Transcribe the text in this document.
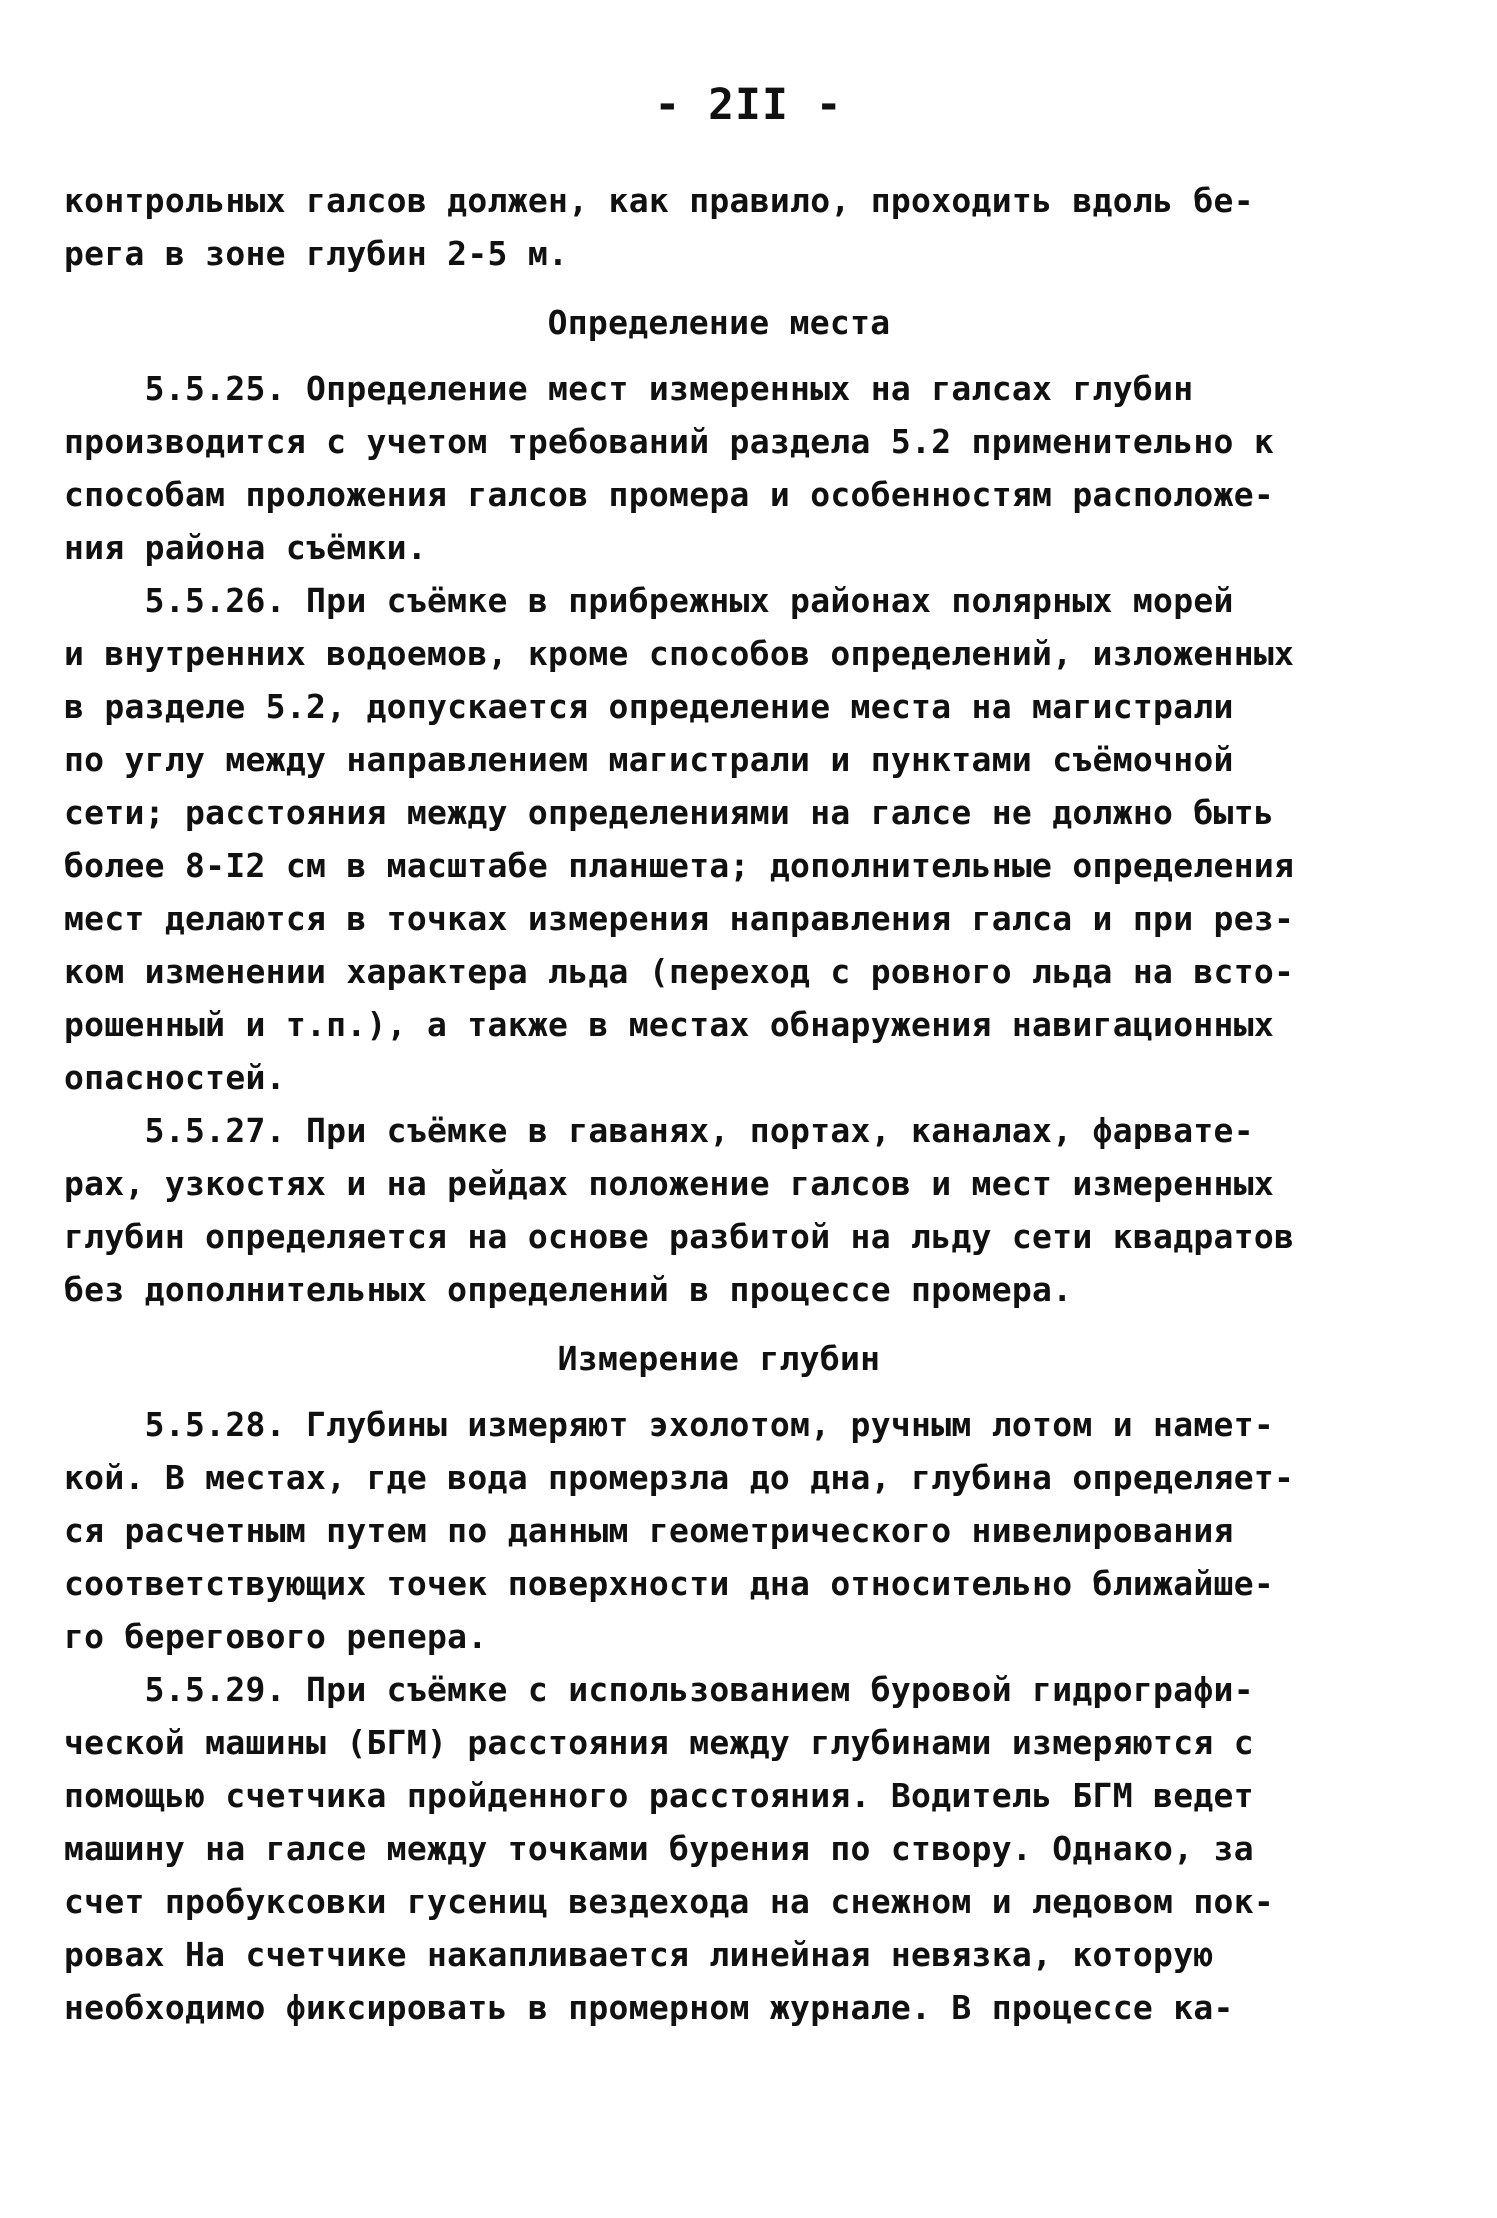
- 2II -
контрольных галсов должен, как правило, проходить вдоль бе-
рега в зоне глубин 2-5 м.
Определение места
5.5.25. Определение мест измеренных на галсах глубин
производится с учетом требований раздела 5.2 применительно к
способам проложения галсов промера и особенностям расположе-
ния района съёмки.
5.5.26. При съёмке в прибрежных районах полярных морей
и внутренних водоемов, кроме способов определений, изложенных
в разделе 5.2, допускается определение места на магистрали
по углу между направлением магистрали и пунктами съёмочной
сети; расстояния между определениями на галсе не должно быть
более 8-I2 см в масштабе планшета; дополнительные определения
мест делаются в точках измерения направления галса и при рез-
ком изменении характера льда (переход с ровного льда на всто-
рошенный и т.п.), а также в местах обнаружения навигационных
опасностей.
5.5.27. При съёмке в гаванях, портах, каналах, фарвате-
рах, узкостях и на рейдах положение галсов и мест измеренных
глубин определяется на основе разбитой на льду сети квадратов
без дополнительных определений в процессе промера.
Измерение глубин
5.5.28. Глубины измеряют эхолотом, ручным лотом и намет-
кой. В местах, где вода промерзла до дна, глубина определяет-
ся расчетным путем по данным геометрического нивелирования
соответствующих точек поверхности дна относительно ближайше-
го берегового репера.
5.5.29. При съёмке с использованием буровой гидрографи-
ческой машины (БГМ) расстояния между глубинами измеряются с
помощью счетчика пройденного расстояния. Водитель БГМ ведет
машину на галсе между точками бурения по створу. Однако, за
счет пробуксовки гусениц вездехода на снежном и ледовом пок-
ровах На счетчике накапливается линейная невязка, которую
необходимо фиксировать в промерном журнале. В процессе ка-
